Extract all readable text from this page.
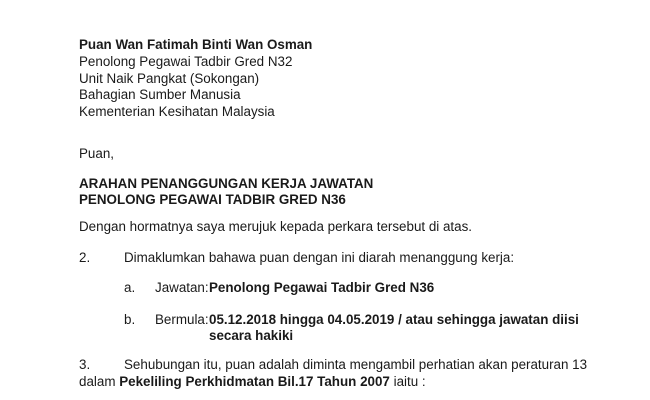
Puan Wan Fatimah Binti Wan Osman
Penolong Pegawai Tadbir Gred N32
Unit Naik Pangkat (Sokongan)
Bahagian Sumber Manusia
Kementerian Kesihatan Malaysia
Puan,
ARAHAN PENANGGUNGAN KERJA JAWATAN
PENOLONG PEGAWAI TADBIR GRED N36
Dengan hormatnya saya merujuk kepada perkara tersebut di atas.
2.	Dimaklumkan bahawa puan dengan ini diarah menanggung kerja:
a. Jawatan: Penolong Pegawai Tadbir Gred N36
b. Bermula: 05.12.2018 hingga 04.05.2019 / atau sehingga jawatan diisi
secara hakiki
3.	Sehubungan itu, puan adalah diminta mengambil perhatian akan peraturan 13
dalam Pekeliling Perkhidmatan Bil.17 Tahun 2007 iaitu :
